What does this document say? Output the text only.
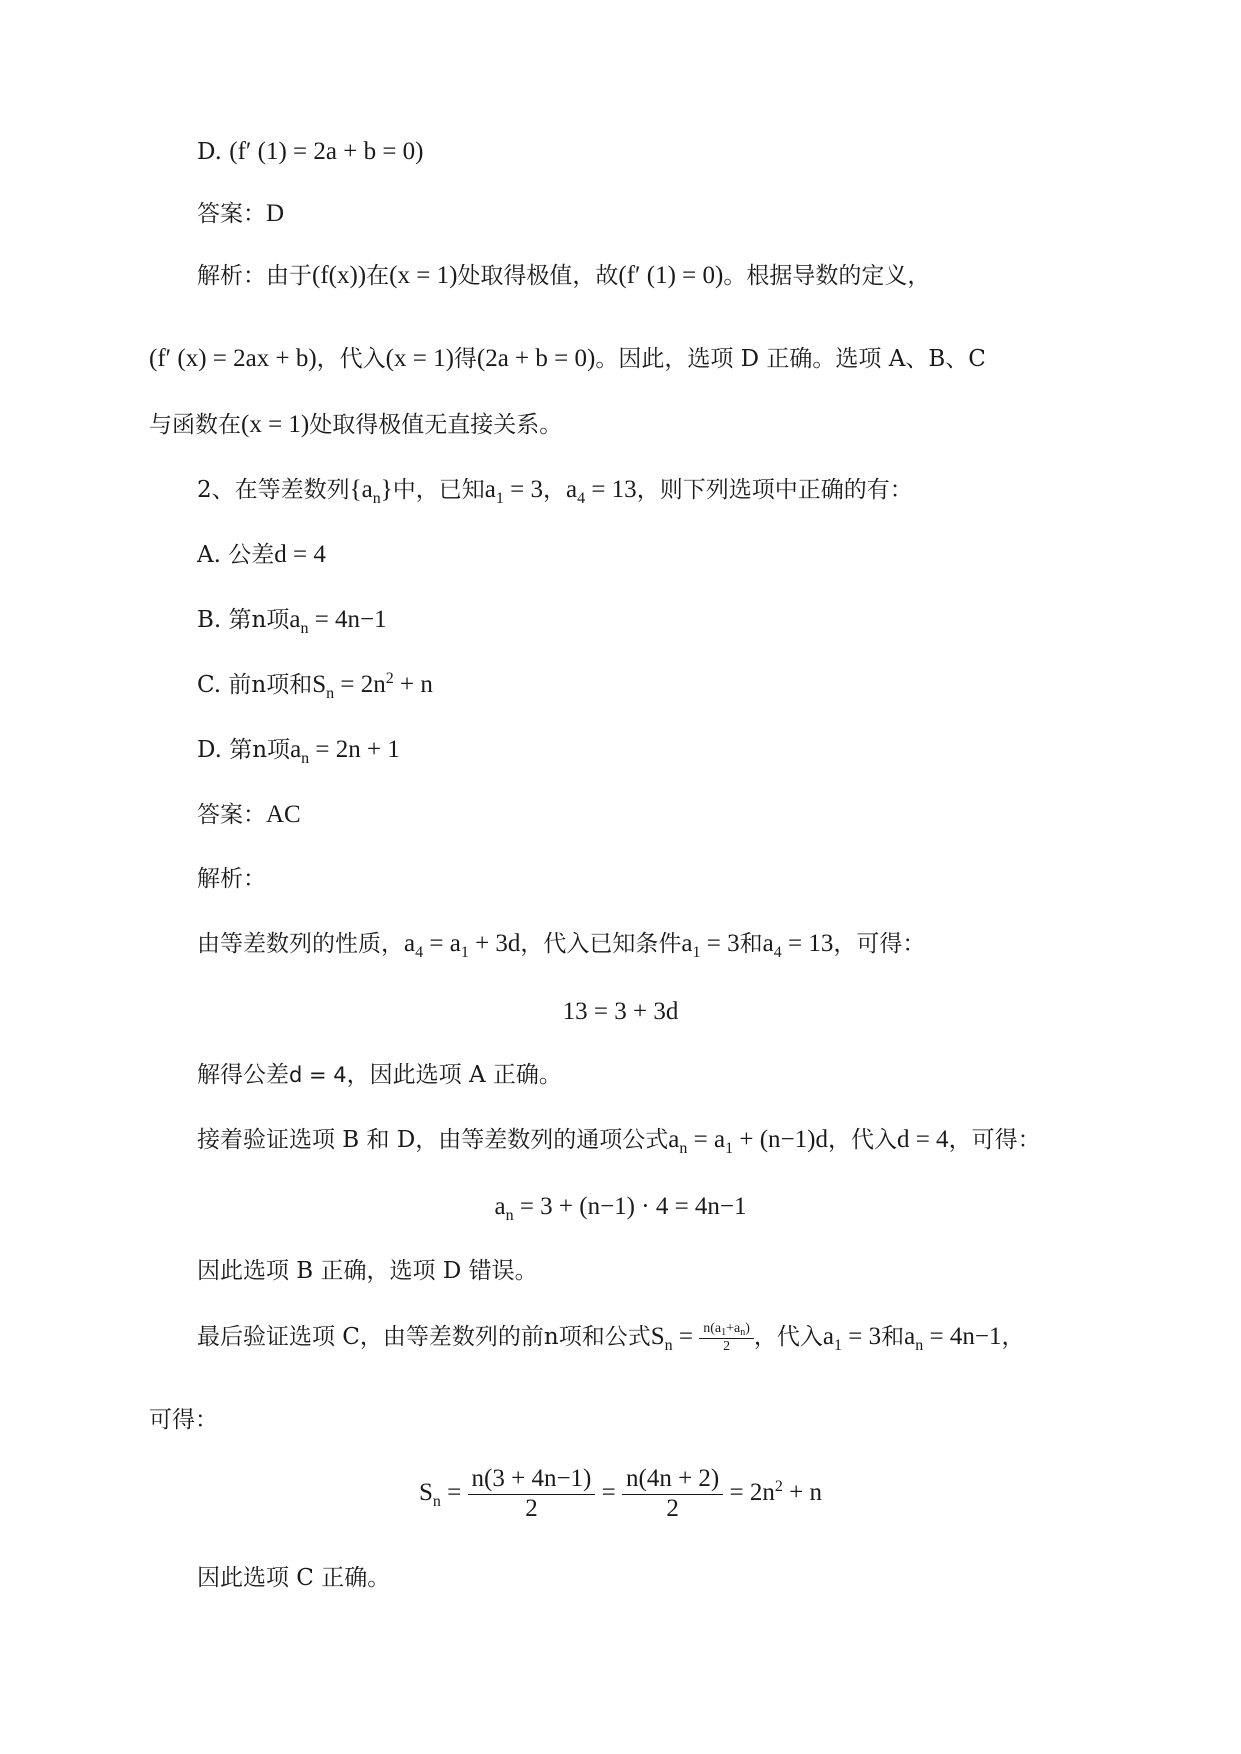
D. (f′ (1) = 2a + b = 0)
答案：D
解析：由于(f(x))在(x = 1)处取得极值，故(f′ (1) = 0)。根据导数的定义，
(f′ (x) = 2ax + b)，代入(x = 1)得(2a + b = 0)。因此，选项 D 正确。选项 A、B、C
与函数在(x = 1)处取得极值无直接关系。
2、在等差数列$\{a_n\}$中，已知$a_1 = 3$，$a_4 = 13$，则下列选项中正确的有：
A. 公差d = 4
B. 第n项$a_n = 4n-1$
C. 前n项和$S_n = 2n^2 + n$
D. 第n项$a_n = 2n + 1$
答案：AC
解析：
由等差数列的性质，$a_4 = a_1 + 3d$，代入已知条件$a_1 = 3$和$a_4 = 13$，可得：
13 = 3 + 3d
解得公差d = 4，因此选项 A 正确。
接着验证选项 B 和 D，由等差数列的通项公式$a_n = a_1 + (n-1)d$，代入d = 4，可得：
$a_n = 3 + (n-1) \cdot 4 = 4n-1$
因此选项 B 正确，选项 D 错误。
最后验证选项 C，由等差数列的前n项和公式$S_n = \frac{n(a_1+a_n)}{2}$ ，代入$a_1 = 3$和$a_n = 4n-1$，
可得：
$S_n = \frac{n(3 + 4n-1)}{2} = \frac{n(4n + 2)}{2} = 2n^2 + n$
因此选项 C 正确。
